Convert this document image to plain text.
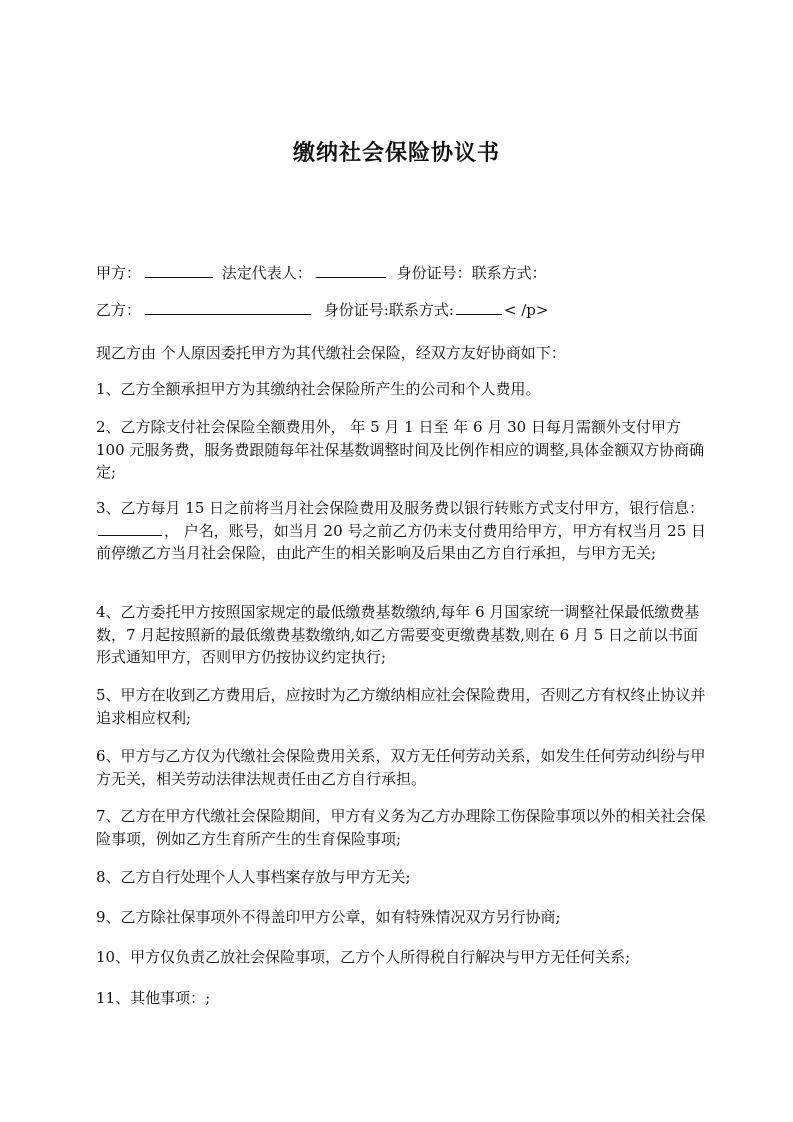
缴纳社会保险协议书
甲方：	法定代表人：	身份证号：联系方式：
乙方：	身份证号:联系方式:	< /p>
现乙方由 个人原因委托甲方为其代缴社会保险，经双方友好协商如下：
1、乙方全额承担甲方为其缴纳社会保险所产生的公司和个人费用。
2、乙方除支付社会保险全额费用外， 年 5 月 1 日至 年 6 月 30 日每月需额外支付甲方 100 元服务费，服务费跟随每年社保基数调整时间及比例作相应的调整,具体金额双方协商确定;
3、乙方每月 15 日之前将当月社会保险费用及服务费以银行转账方式支付甲方，银行信息：， 户名，账号，如当月 20 号之前乙方仍未支付费用给甲方，甲方有权当月 25 日前停缴乙方当月社会保险，由此产生的相关影响及后果由乙方自行承担，与甲方无关;
4、乙方委托甲方按照国家规定的最低缴费基数缴纳,每年 6 月国家统一调整社保最低缴费基数，7 月起按照新的最低缴费基数缴纳,如乙方需要变更缴费基数,则在 6 月 5 日之前以书面形式通知甲方，否则甲方仍按协议约定执行;
5、甲方在收到乙方费用后，应按时为乙方缴纳相应社会保险费用，否则乙方有权终止协议并追求相应权利;
6、甲方与乙方仅为代缴社会保险费用关系，双方无任何劳动关系，如发生任何劳动纠纷与甲方无关，相关劳动法律法规责任由乙方自行承担。
7、乙方在甲方代缴社会保险期间，甲方有义务为乙方办理除工伤保险事项以外的相关社会保险事项，例如乙方生育所产生的生育保险事项;
8、乙方自行处理个人人事档案存放与甲方无关;
9、乙方除社保事项外不得盖印甲方公章，如有特殊情况双方另行协商;
10、甲方仅负责乙放社会保险事项，乙方个人所得税自行解决与甲方无任何关系;
11、其他事项：;
